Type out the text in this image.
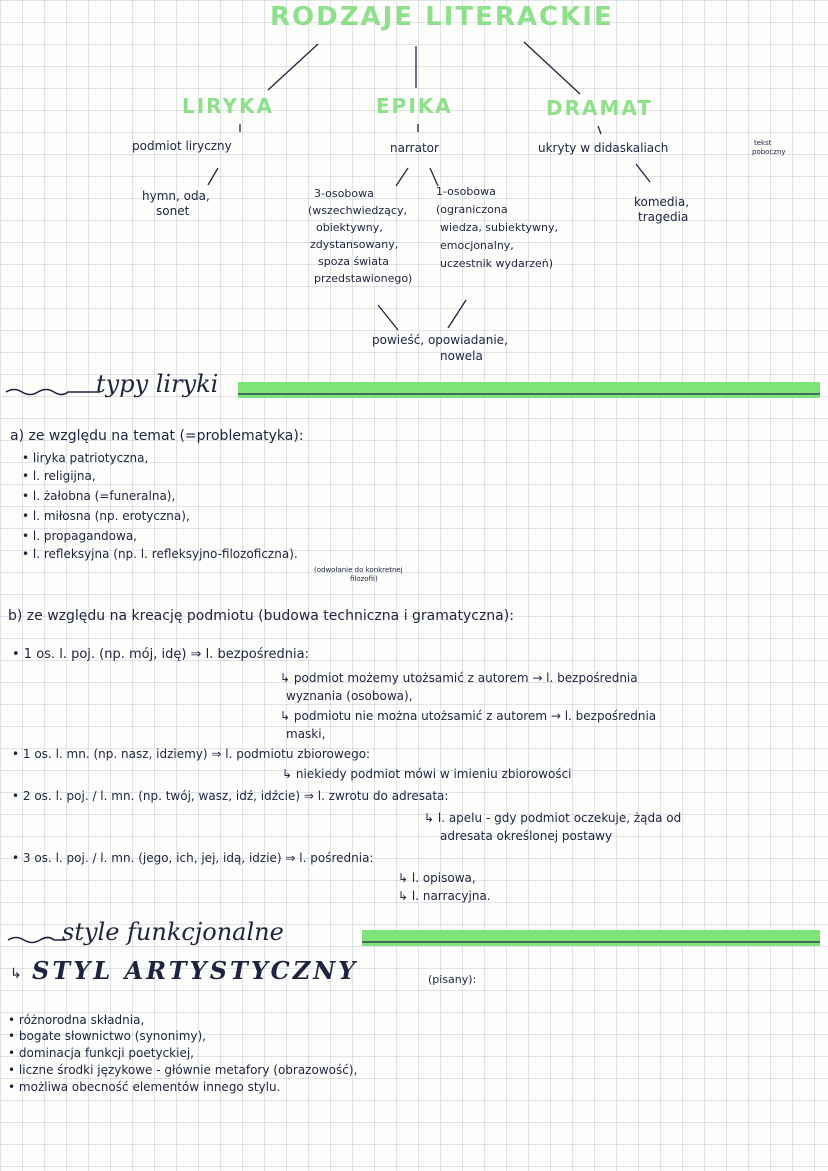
RODZAJE LITERACKIE
LIRYKA	EPIKA	DRAMAT
podmiot liryczny	narrator	ukryty w didaskaliach	tekst
poboczny
hymn, oda,
sonet
3-osobowa
(wszechwiedzący,
obiektywny,
zdystansowany,
spoza świata
przedstawionego)
1-osobowa
(ograniczona
wiedza, subiektywny,
emocjonalny,
uczestnik wydarzeń)
powieść, opowiadanie,
nowela
komedia,
tragedia
typy liryki
a) ze względu na temat (=problematyka):
• liryka patriotyczna,
• l. religijna,
• l. żałobna (=funeralna),
• l. miłosna (np. erotyczna),
• l. propagandowa,
• l. refleksyjna (np. l. refleksyjno-filozoficzna).
(odwołanie do konkretnej
filozofii)
b) ze względu na kreację podmiotu (budowa techniczna i gramatyczna):
• 1 os. l. poj. (np. mój, idę) ⇒ l. bezpośrednia:
↳ podmiot możemy utożsamić z autorem → l. bezpośrednia
wyznania (osobowa),
↳ podmiotu nie można utożsamić z autorem → l. bezpośrednia
maski,
• 1 os. l. mn. (np. nasz, idziemy) ⇒ l. podmiotu zbiorowego:
↳ niekiedy podmiot mówi w imieniu zbiorowości
• 2 os. l. poj. / l. mn. (np. twój, wasz, idź, idźcie) ⇒ l. zwrotu do adresata:
↳ l. apelu - gdy podmiot oczekuje, żąda od
adresata określonej postawy
• 3 os. l. poj. / l. mn. (jego, ich, jej, idą, idzie) ⇒ l. pośrednia:
↳ l. opisowa,
↳ l. narracyjna.
style funkcjonalne
↳ STYL ARTYSTYCZNY	(pisany):
• różnorodna składnia,
• bogate słownictwo (synonimy),
• dominacja funkcji poetyckiej,
• liczne środki językowe - głównie metafory (obrazowość),
• możliwa obecność elementów innego stylu.
